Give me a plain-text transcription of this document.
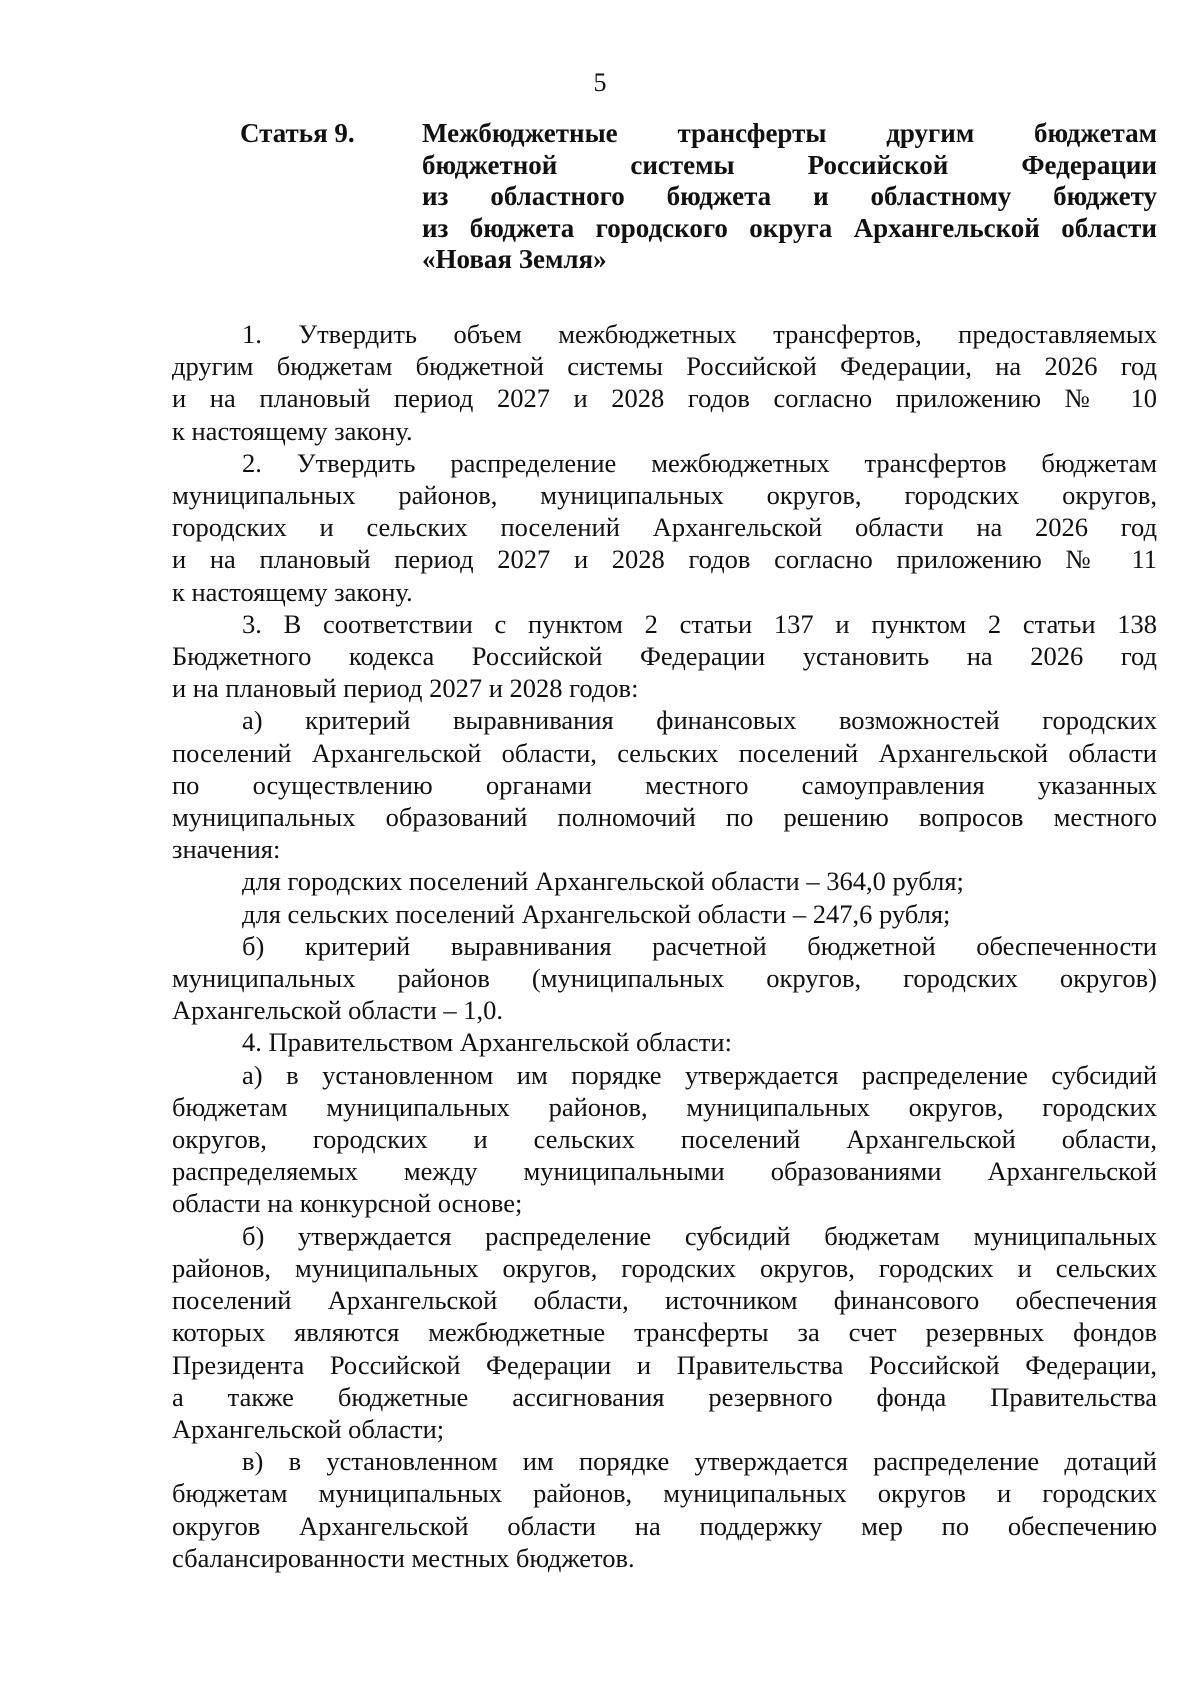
5
Статья 9.	Межбюджетные трансферты другим бюджетам
бюджетной системы Российской Федерации
из областного бюджета и областному бюджету
из бюджета городского округа Архангельской области
«Новая Земля»

1. Утвердить объем межбюджетных трансфертов, предоставляемых
другим бюджетам бюджетной системы Российской Федерации, на 2026 год
и на плановый период 2027 и 2028 годов согласно приложению № 10
к настоящему закону.

2. Утвердить распределение межбюджетных трансфертов бюджетам
муниципальных районов, муниципальных округов, городских округов,
городских и сельских поселений Архангельской области на 2026 год
и на плановый период 2027 и 2028 годов согласно приложению № 11
к настоящему закону.

3. В соответствии с пунктом 2 статьи 137 и пунктом 2 статьи 138
Бюджетного кодекса Российской Федерации установить на 2026 год
и на плановый период 2027 и 2028 годов:

а) критерий выравнивания финансовых возможностей городских
поселений Архангельской области, сельских поселений Архангельской области
по осуществлению органами местного самоуправления указанных
муниципальных образований полномочий по решению вопросов местного
значения:

для городских поселений Архангельской области – 364,0 рубля;

для сельских поселений Архангельской области – 247,6 рубля;

б) критерий выравнивания расчетной бюджетной обеспеченности
муниципальных районов (муниципальных округов, городских округов)
Архангельской области – 1,0.

4. Правительством Архангельской области:

а) в установленном им порядке утверждается распределение субсидий
бюджетам муниципальных районов, муниципальных округов, городских
округов, городских и сельских поселений Архангельской области,
распределяемых между муниципальными образованиями Архангельской
области на конкурсной основе;

б) утверждается распределение субсидий бюджетам муниципальных
районов, муниципальных округов, городских округов, городских и сельских
поселений Архангельской области, источником финансового обеспечения
которых являются межбюджетные трансферты за счет резервных фондов
Президента Российской Федерации и Правительства Российской Федерации,
а также бюджетные ассигнования резервного фонда Правительства
Архангельской области;

в) в установленном им порядке утверждается распределение дотаций
бюджетам муниципальных районов, муниципальных округов и городских
округов Архангельской области на поддержку мер по обеспечению
сбалансированности местных бюджетов.
